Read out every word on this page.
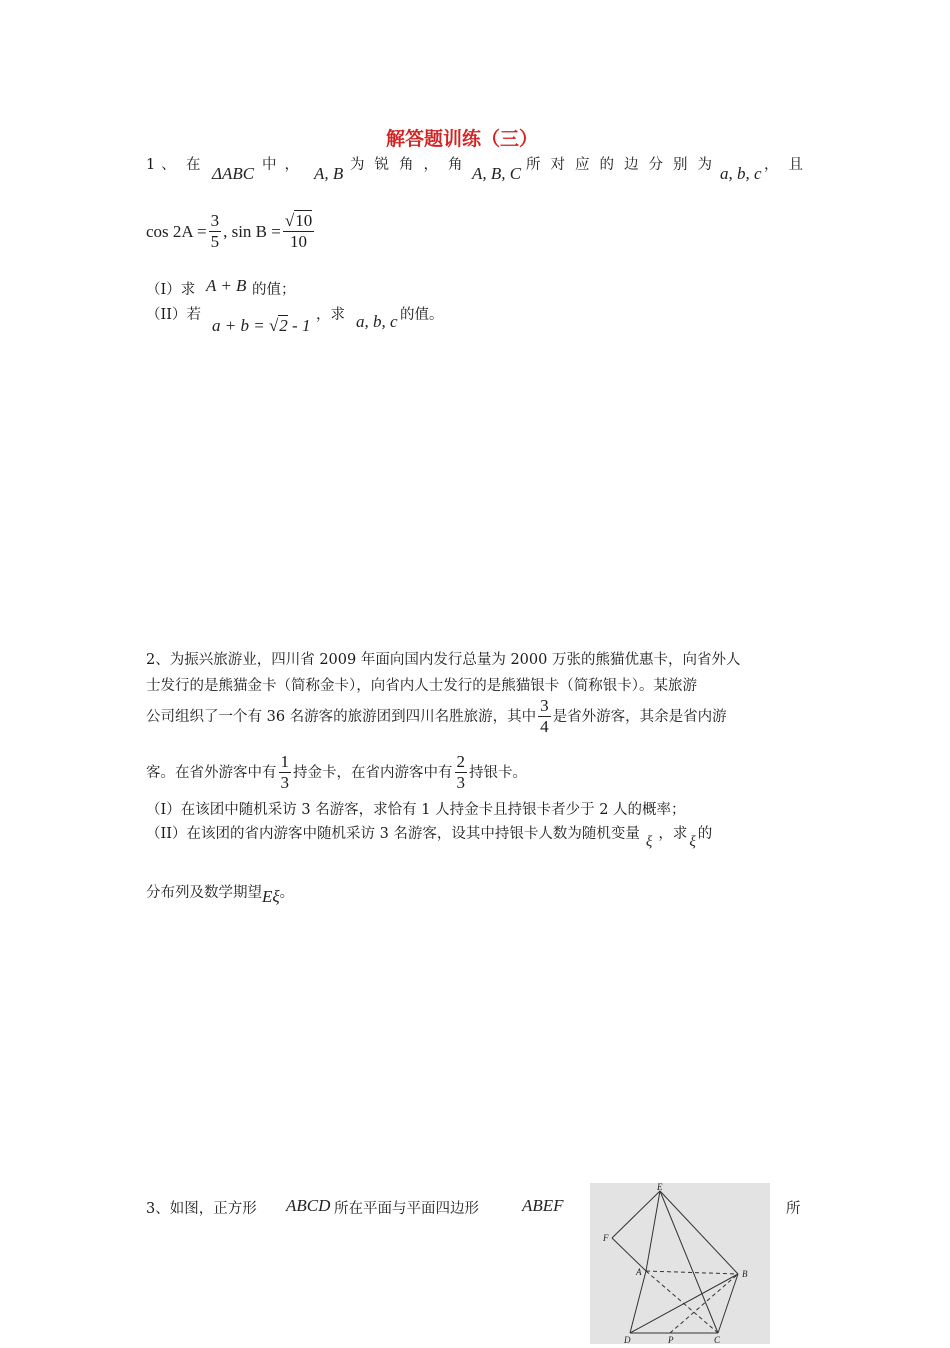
解答题训练（三）
1、 在 ΔABC 中， A, B 为锐角，角 A, B, C 所对应的边分别为
a, b, c ，且
$\cos 2A = \frac{3}{5}$ , $\sin B = \frac{√10}{10}$
（I）求 A + B 的值；
（II）若
a + b = √2 - 1
，求 a, b, c 的值。
2、为振兴旅游业，四川省 2009 年面向国内发行总量为 2000 万张的熊猫优惠卡，向省外人
士发行的是熊猫金卡（简称金卡），向省内人士发行的是熊猫银卡（简称银卡）。某旅游
公司组织了一个有 36 名游客的旅游团到四川名胜旅游，其中 $\frac{3}{4}$ 是省外游客，其余是省内游
客。在省外游客中有 $\frac{1}{3}$ 持金卡，在省内游客中有 $\frac{2}{3}$ 持银卡。
（I）在该团中随机采访 3 名游客，求恰有 1 人持金卡且持银卡者少于 2 人的概率；
（II）在该团的省内游客中随机采访 3 名游客，设其中持银卡人数为随机变量 ξ ，求 ξ 的
分布列及数学期望Eξ。
3、如图，正方形 ABCD 所在平面与平面四边形	ABEF	所
E
F
A	B
D	P	C
